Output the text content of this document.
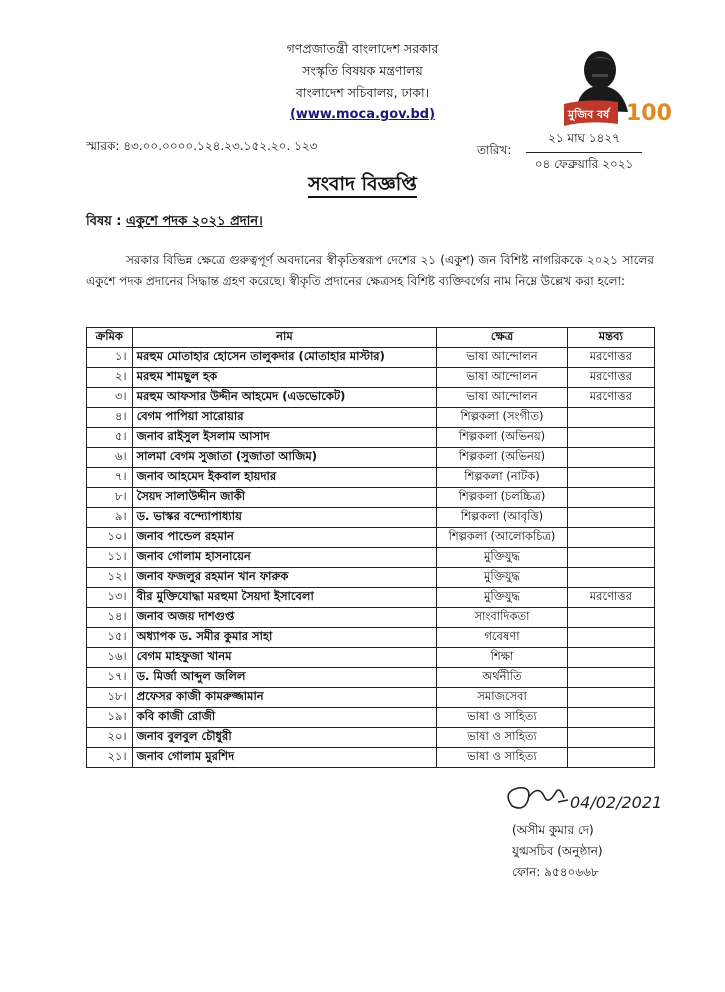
গণপ্রজাতন্ত্রী বাংলাদেশ সরকার
সংস্কৃতি বিষয়ক মন্ত্রণালয়
বাংলাদেশ সচিবালয়, ঢাকা।
(www.moca.gov.bd)	মুজিব বর্ষ 100
স্মারক: ৪৩.০০.০০০০.১২৪.২৩.১৫২.২০. ১২৩	তারিখ:
২১ মাঘ ১৪২৭
০৪ ফেব্রুয়ারি ২০২১
সংবাদ বিজ্ঞপ্তি
বিষয় : একুশে পদক ২০২১ প্রদান।
সরকার বিভিন্ন ক্ষেত্রে গুরুত্বপূর্ণ অবদানের স্বীকৃতিস্বরূপ দেশের ২১ (একুশ) জন বিশিষ্ট নাগরিককে ২০২১ সালের একুশে পদক প্রদানের সিদ্ধান্ত গ্রহণ করেছে। স্বীকৃতি প্রদানের ক্ষেত্রসহ বিশিষ্ট ব্যক্তিবর্গের নাম নিম্নে উল্লেখ করা হলো:
ক্রমিক	নাম	ক্ষেত্র	মন্তব্য
১।	মরহুম মোতাহার হোসেন তালুকদার (মোতাহার মাস্টার)	ভাষা আন্দোলন	মরণোত্তর
২।	মরহুম শামছুল হক	ভাষা আন্দোলন	মরণোত্তর
৩।	মরহুম আফসার উদ্দীন আহমেদ (এডভোকেট)	ভাষা আন্দোলন	মরণোত্তর
৪।	বেগম পাপিয়া সারোয়ার	শিল্পকলা (সংগীত)	
৫।	জনাব রাইসুল ইসলাম আসাদ	শিল্পকলা (অভিনয়)	
৬।	সালমা বেগম সুজাতা (সুজাতা আজিম)	শিল্পকলা (অভিনয়)	
৭।	জনাব আহমেদ ইকবাল হায়দার	শিল্পকলা (নাটক)	
৮।	সৈয়দ সালাউদ্দীন জাকী	শিল্পকলা (চলচ্চিত্র)	
৯।	ড. ভাস্কর বন্দ্যোপাধ্যায়	শিল্পকলা (আবৃত্তি)	
১০।	জনাব পান্ডেল রহমান	শিল্পকলা (আলোকচিত্র)	
১১।	জনাব গোলাম হাসনায়েন	মুক্তিযুদ্ধ	
১২।	জনাব ফজলুর রহমান খান ফারুক	মুক্তিযুদ্ধ	
১৩।	বীর মুক্তিযোদ্ধা মরহুমা সৈয়দা ইসাবেলা	মুক্তিযুদ্ধ	মরণোত্তর
১৪।	জনাব অজয় দাশগুপ্ত	সাংবাদিকতা	
১৫।	অধ্যাপক ড. সমীর কুমার সাহা	গবেষণা	
১৬।	বেগম মাহফুজা খানম	শিক্ষা	
১৭।	ড. মির্জা আব্দুল জলিল	অর্থনীতি	
১৮।	প্রফেসর কাজী কামরুজ্জামান	সমাজসেবা	
১৯।	কবি কাজী রোজী	ভাষা ও সাহিত্য	
২০।	জনাব বুলবুল চৌধুরী	ভাষা ও সাহিত্য	
২১।	জনাব গোলাম মুরশিদ	ভাষা ও সাহিত্য	
04/02/2021
(অসীম কুমার দে)
যুগ্মসচিব (অনুষ্ঠান)
ফোন: ৯৫৪০৬৬৮
